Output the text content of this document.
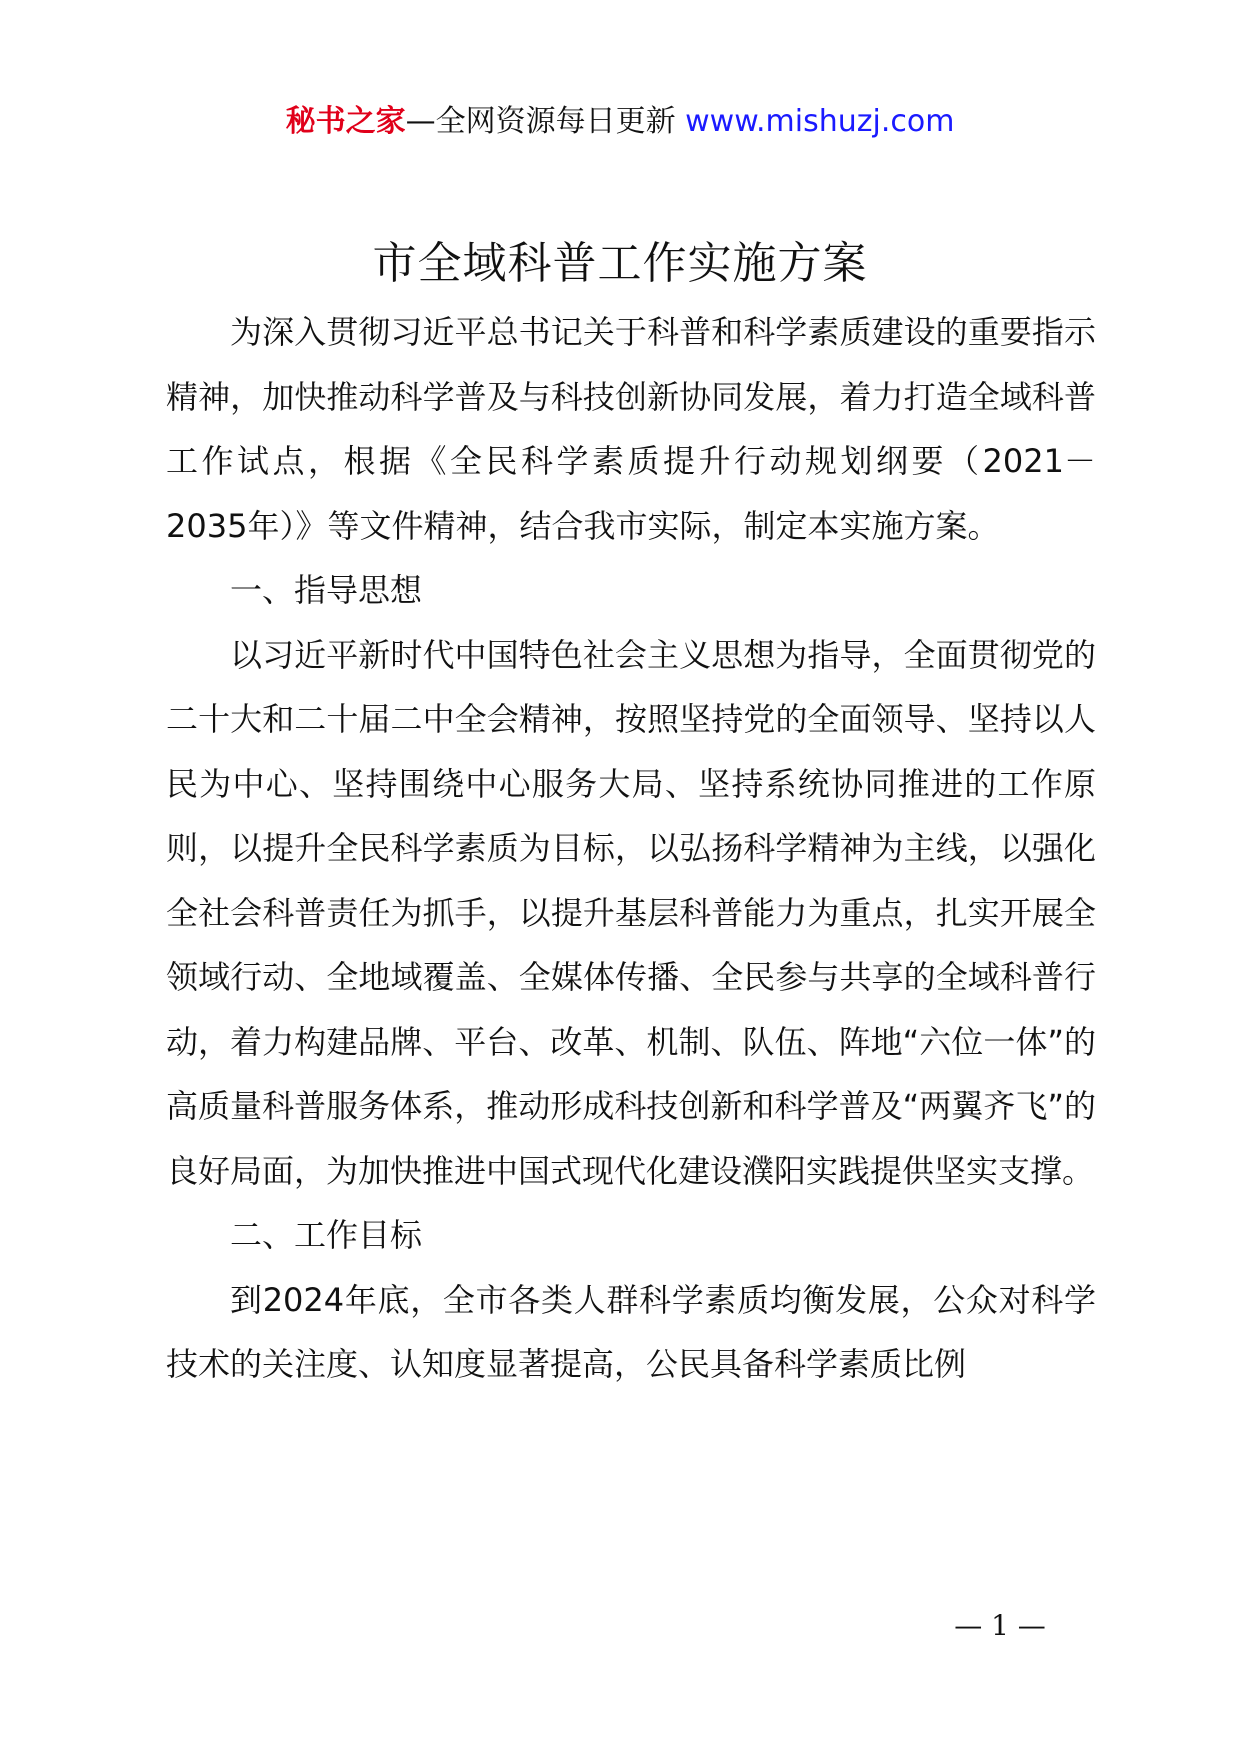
秘书之家—全网资源每日更新 www.mishuzj.com
市全域科普工作实施方案

为深入贯彻习近平总书记关于科普和科学素质建设的重要指示精神，加快推动科学普及与科技创新协同发展，着力打造全域科普工作试点，根据《全民科学素质提升行动规划纲要（2021－2035年）》等文件精神，结合我市实际，制定本实施方案。

一、指导思想

以习近平新时代中国特色社会主义思想为指导，全面贯彻党的二十大和二十届二中全会精神，按照坚持党的全面领导、坚持以人民为中心、坚持围绕中心服务大局、坚持系统协同推进的工作原则，以提升全民科学素质为目标，以弘扬科学精神为主线，以强化全社会科普责任为抓手，以提升基层科普能力为重点，扎实开展全领域行动、全地域覆盖、全媒体传播、全民参与共享的全域科普行动，着力构建品牌、平台、改革、机制、队伍、阵地“六位一体”的高质量科普服务体系，推动形成科技创新和科学普及“两翼齐飞”的良好局面，为加快推进中国式现代化建设濮阳实践提供坚实支撑。

二、工作目标

到2024年底，全市各类人群科学素质均衡发展，公众对科学技术的关注度、认知度显著提高，公民具备科学素质比例

— 1 —
